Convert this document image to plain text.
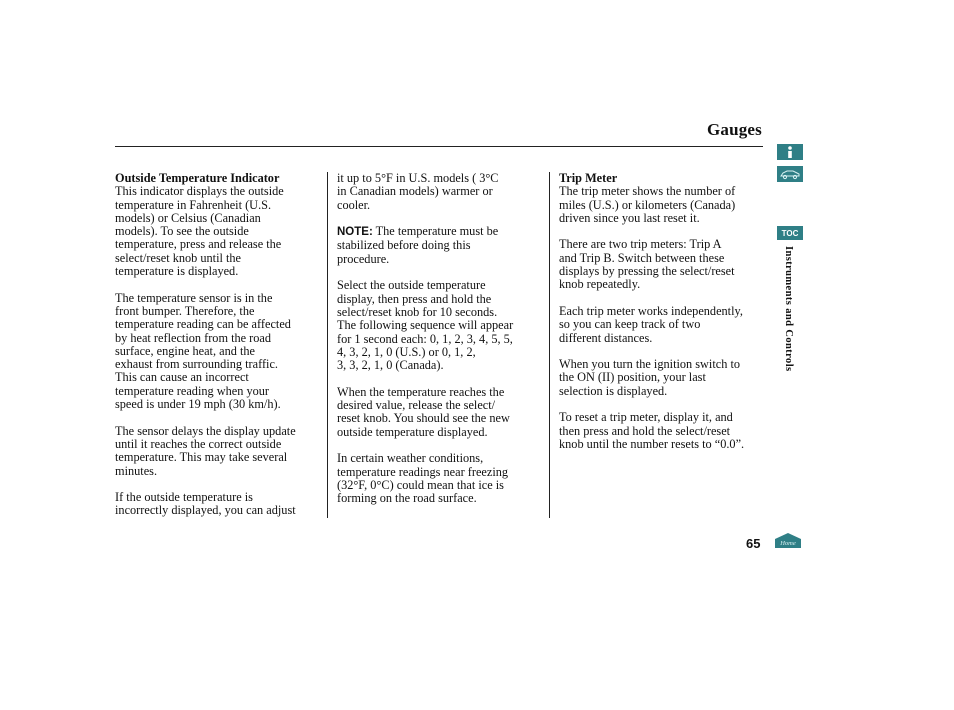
Gauges
Outside Temperature Indicator

This indicator displays the outside
temperature in Fahrenheit (U.S.
models) or Celsius (Canadian
models). To see the outside
temperature, press and release the
select/reset knob until the
temperature is displayed.

The temperature sensor is in the
front bumper. Therefore, the
temperature reading can be affected
by heat reflection from the road
surface, engine heat, and the
exhaust from surrounding traffic.
This can cause an incorrect
temperature reading when your
speed is under 19 mph (30 km/h).

The sensor delays the display update
until it reaches the correct outside
temperature. This may take several
minutes.

If the outside temperature is
incorrectly displayed, you can adjust

it up to 5°F in U.S. models ( 3°C
in Canadian models) warmer or
cooler.

NOTE: The temperature must be
stabilized before doing this
procedure.

Select the outside temperature
display, then press and hold the
select/reset knob for 10 seconds.
The following sequence will appear
for 1 second each: 0, 1, 2, 3, 4, 5, 5,
4, 3, 2, 1, 0 (U.S.) or 0, 1, 2,
3, 3, 2, 1, 0 (Canada).

When the temperature reaches the
desired value, release the select/
reset knob. You should see the new
outside temperature displayed.

In certain weather conditions,
temperature readings near freezing
(32°F, 0°C) could mean that ice is
forming on the road surface.

Trip Meter

The trip meter shows the number of
miles (U.S.) or kilometers (Canada)
driven since you last reset it.

There are two trip meters: Trip A
and Trip B. Switch between these
displays by pressing the select/reset
knob repeatedly.

Each trip meter works independently,
so you can keep track of two
different distances.

When you turn the ignition switch to
the ON (II) position, your last
selection is displayed.

To reset a trip meter, display it, and
then press and hold the select/reset
knob until the number resets to “0.0”.

TOC
Instruments and Controls
65	Home
